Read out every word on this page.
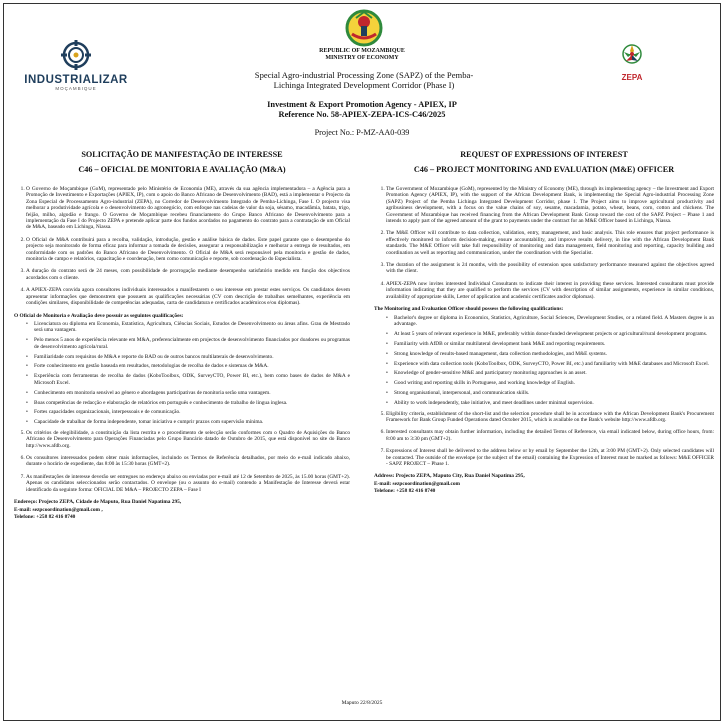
INDUSTRIALIZAR
MOÇAMBIQUE
ZEPA
REPUBLIC OF MOZAMBIQUE
MINISTRY OF ECONOMY
Special Agro-industrial Processing Zone (SAPZ) of the Pemba-
Lichinga Integrated Development Corridor (Phase I)
Investment & Export Promotion Agency - APIEX, IP
Reference No. 58-APIEX-ZEPA-ICS-C46/2025
Project No.: P-MZ-AA0-039
SOLICITAÇÃO DE MANIFESTAÇÃO DE INTERESSE
C46 – OFICIAL DE MONITORIA E AVALIAÇÃO (M&A)
1. O Governo de Moçambique (GoM), representado pelo Ministério de Economia (ME), através da sua agência implementadora – a Agência para a Promoção de Investimento e Exportações (APIEX, IP), com o apoio do Banco Africano de Desenvolvimento (BAD), está a implementar o Projecto da Zona Especial de Processamento Agro-industrial (ZEPA), no Corredor de Desenvolvimento Integrado de Pemba-Lichinga, Fase I. O projecto visa melhorar a produtividade agrícola e o desenvolvimento do agronegócio, com enfoque nas cadeias de valor da soja, sésamo, macadâmia, batata, trigo, feijão, milho, algodão e frango. O Governo de Moçambique recebeu financiamento do Grupo Banco Africano de Desenvolvimento para a implementação da Fase I do Projecto ZEPA e pretende aplicar parte dos fundos acordados no pagamento do contrato para a contratação de um Oficial de M&A, baseado em Lichinga, Niassa.
2. O Oficial de M&A contribuirá para a recolha, validação, introdução, gestão e análise básica de dados. Este papel garante que o desempenho do projecto seja monitorado de forma eficaz para informar a tomada de decisões, assegurar a responsabilização e melhorar a entrega de resultados, em conformidade com os padrões do Banco Africano de Desenvolvimento. O Oficial de M&A será responsável pela monitoria e gestão de dados, monitoria de campo e relatórios, capacitação e coordenação, bem como comunicação e reporte, sob coordenação do Especialista.
3. A duração do contrato será de 24 meses, com possibilidade de prorrogação mediante desempenho satisfatório medido em função dos objectivos acordados com o cliente.
4. A APIEX-ZEPA convida agora consultores individuais interessados a manifestarem o seu interesse em prestar estes serviços. Os candidatos devem apresentar informações que demonstrem que possuem as qualificações necessárias (CV com descrição de trabalhos semelhantes, experiência em condições similares, disponibilidade de competências adequadas, carta de candidatura e certificados académicos e/ou diplomas).
O Oficial de Monitoria e Avaliação deve possuir as seguintes qualificações:
• Licenciatura ou diploma em Economia, Estatística, Agricultura, Ciências Sociais, Estudos de Desenvolvimento ou áreas afins. Grau de Mestrado será uma vantagem.
• Pelo menos 5 anos de experiência relevante em M&A, preferencialmente em projectos de desenvolvimento financiados por doadores ou programas de desenvolvimento agrícola/rural.
• Familiaridade com requisitos de M&A e reporte do BAD ou de outros bancos multilaterais de desenvolvimento.
• Forte conhecimento em gestão baseada em resultados, metodologias de recolha de dados e sistemas de M&A.
• Experiência com ferramentas de recolha de dados (KoboToolbox, ODK, SurveyCTO, Power BI, etc.), bem como bases de dados de M&A e Microsoft Excel.
• Conhecimento em monitoria sensível ao género e abordagens participativas de monitoria serão uma vantagem.
• Boas competências de redacção e elaboração de relatórios em português e conhecimento de trabalho de língua inglesa.
• Fortes capacidades organizacionais, interpessoais e de comunicação.
• Capacidade de trabalhar de forma independente, tomar iniciativa e cumprir prazos com supervisão mínima.
5. Os critérios de elegibilidade, a constituição da lista restrita e o procedimento de selecção serão conformes com o Quadro de Aquisições do Banco Africano de Desenvolvimento para Operações Financiadas pelo Grupo Bancário datado de Outubro de 2015, que está disponível no site do Banco http://www.afdb.org.
6. Os consultores interessados podem obter mais informações, incluindo os Termos de Referência detalhados, por meio do e-mail indicado abaixo, durante o horário de expediente, das 8:00 às 15:30 horas (GMT+2).
7. As manifestações de interesse deverão ser entregues no endereço abaixo ou enviadas por e-mail até 12 de Setembro de 2025, às 15.00 horas (GMT+2). Apenas os candidatos seleccionados serão contactados. O envelope (ou o assunto do e-mail) contendo a Manifestação de Interesse deverá estar identificado da seguinte forma: OFICIAL DE M&A – PROJECTO ZEPA – Fase I
Endereço: Projecto ZEPA, Cidade de Maputo, Rua Daniel Napatima 295,
E-mail: sezpcoordination@gmail.com ,
Telefone: +258 82 416 8740
REQUEST OF EXPRESSIONS OF INTEREST
C46 – PROJECT MONITORING AND EVALUATION (M&E) OFFICER
1. The Government of Mozambique (GoM), represented by the Ministry of Economy (ME), through its implementing agency – the Investment and Export Promotion Agency (APIEX, IP), with the support of the African Development Bank, is implementing the Special Agro-industrial Processing Zone (SAPZ) Project of the Pemba Lichinga Integrated Development Corridor, phase 1. The Project aims to improve agricultural productivity and agribusiness development, with a focus on the value chains of soy, sesame, macadamia, potato, wheat, beans, corn, cotton and chickens. The Government of Mozambique has received financing from the African Development Bank Group toward the cost of the SAPZ Project – Phase 1 and intends to apply part of the agreed amount of the grant to payments under the contract for an M&E Officer based in Lichinga, Niassa.
2. The M&E Officer will contribute to data collection, validation, entry, management, and basic analysis. This role ensures that project performance is effectively monitored to inform decision-making, ensure accountability, and improve results delivery, in line with the African Development Bank standards. The M&E Officer will take full responsibility of monitoring and data management, field monitoring and reporting, capacity building and coordination as well as reporting and communication, under the coordination with the Specialist.
3. The duration of the assignment is 24 months, with the possibility of extension upon satisfactory performance measured against the objectives agreed with the client.
4. APIEX-ZEPA now invites interested Individual Consultants to indicate their interest in providing these services. Interested consultants must provide information indicating that they are qualified to perform the services (CV with description of similar assignments, experience in similar conditions, availability of appropriate skills, Letter of application and academic certificates and/or diplomas).
The Monitoring and Evaluation Officer should possess the following qualifications:
• Bachelor's degree or diploma in Economics, Statistics, Agriculture, Social Sciences, Development Studies, or a related field. A Masters degree is an advantage.
• At least 5 years of relevant experience in M&E, preferably within donor-funded development projects or agricultural/rural development programs.
• Familiarity with AfDB or similar multilateral development bank M&E and reporting requirements.
• Strong knowledge of results-based management, data collection methodologies, and M&E systems.
• Experience with data collection tools (KoboToolbox, ODK, SurveyCTO, Power BI, etc.) and familiarity with M&E databases and Microsoft Excel.
• Knowledge of gender-sensitive M&E and participatory monitoring approaches is an asset.
• Good writing and reporting skills in Portuguese, and working knowledge of English.
• Strong organisational, interpersonal, and communication skills.
• Ability to work independently, take initiative, and meet deadlines under minimal supervision.
5. Eligibility criteria, establishment of the short-list and the selection procedure shall be in accordance with the African Development Bank's Procurement Framework for Bank Group Funded Operations dated October 2015, which is available on the Bank's website http://www.afdb.org.
6. Interested consultants may obtain further information, including the detailed Terms of Reference, via email indicated below, during office hours, from: 8:00 am to 3:30 pm (GMT+2).
7. Expressions of Interest shall be delivered to the address below or by email by September the 12th, at 3:00 PM (GMT+2). Only selected candidates will be contacted. The outside of the envelope (or the subject of the email) containing the Expression of Interest must be marked as follows: M&E OFFICER - SAPZ PROJECT – Phase 1.
Address: Projecto ZEPA, Maputo City, Rua Daniel Napatima 295,
E-mail: sezpcoordination@gmail.com
Telefone: +258 82 416 8740
Maputo 22/8/2025
